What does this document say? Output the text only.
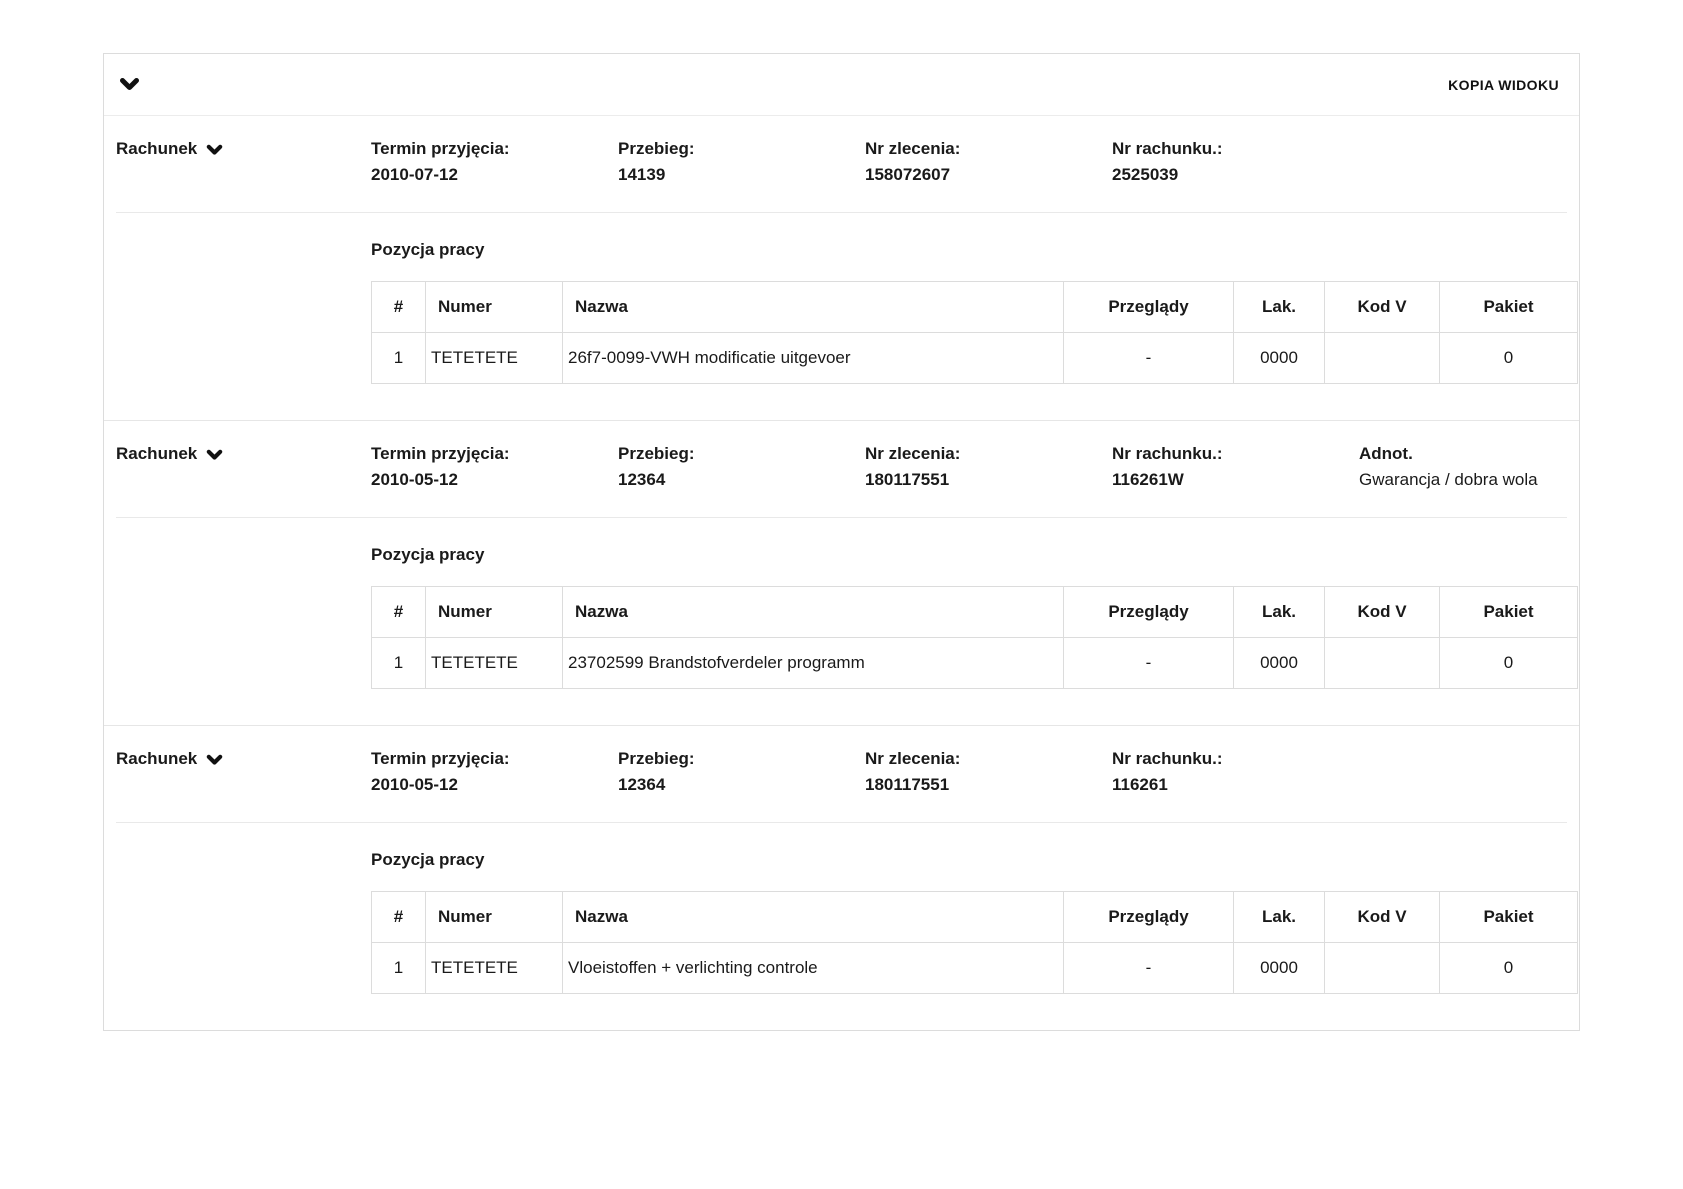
KOPIA WIDOKU
Rachunek	Termin przyjęcia:
2010-07-12
Przebieg:
14139
Nr zlecenia:
158072607
Nr rachunku.:
2525039
Pozycja pracy
#	Numer	Nazwa	Przeglądy	Lak.	Kod V	Pakiet
1	TETETETE	26f7-0099-VWH modificatie uitgevoer	-	0000		0
Rachunek	Termin przyjęcia:
2010-05-12
Przebieg:
12364
Nr zlecenia:
180117551
Nr rachunku.:
116261W
Adnot.
Gwarancja / dobra wola
Pozycja pracy
#	Numer	Nazwa	Przeglądy	Lak.	Kod V	Pakiet
1	TETETETE	23702599 Brandstofverdeler programm	-	0000		0
Rachunek	Termin przyjęcia:
2010-05-12
Przebieg:
12364
Nr zlecenia:
180117551
Nr rachunku.:
116261
Pozycja pracy
#	Numer	Nazwa	Przeglądy	Lak.	Kod V	Pakiet
1	TETETETE	Vloeistoffen + verlichting controle	-	0000		0
